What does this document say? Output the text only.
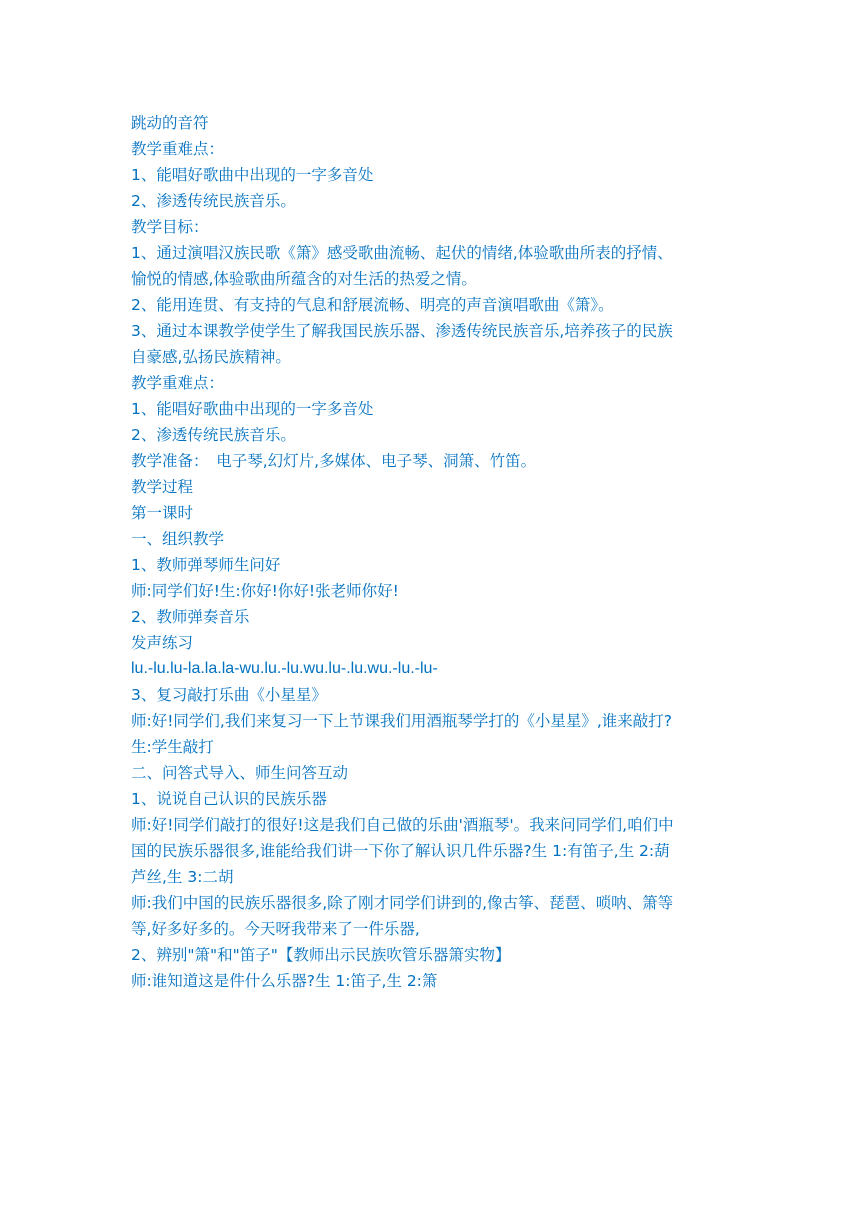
跳动的音符
教学重难点：
1、能唱好歌曲中出现的一字多音处
2、渗透传统民族音乐。
教学目标：
1、通过演唱汉族民歌《箫》感受歌曲流畅、起伏的情绪,体验歌曲所表的抒情、
愉悦的情感,体验歌曲所蕴含的对生活的热爱之情。
2、能用连贯、有支持的气息和舒展流畅、明亮的声音演唱歌曲《箫》。
3、通过本课教学使学生了解我国民族乐器、渗透传统民族音乐,培养孩子的民族
自豪感,弘扬民族精神。
教学重难点：
1、能唱好歌曲中出现的一字多音处
2、渗透传统民族音乐。
教学准备：　电子琴,幻灯片,多媒体、电子琴、洞箫、竹笛。
教学过程
第一课时
一、组织教学
1、教师弹琴师生问好
师:同学们好!生:你好!你好!张老师你好!
2、教师弹奏音乐
发声练习
lu.-lu.lu-la.la.la-wu.lu.-lu.wu.lu-.lu.wu.-lu.-lu-
3、复习敲打乐曲《小星星》
师:好!同学们,我们来复习一下上节课我们用酒瓶琴学打的《小星星》,谁来敲打?
生:学生敲打
二、问答式导入、师生问答互动
1、说说自己认识的民族乐器
师:好!同学们敲打的很好!这是我们自己做的乐曲'酒瓶琴'。我来问同学们,咱们中
国的民族乐器很多,谁能给我们讲一下你了解认识几件乐器?生 1:有笛子,生 2:葫
芦丝,生 3:二胡
师:我们中国的民族乐器很多,除了刚才同学们讲到的,像古筝、琵琶、唢呐、箫等
等,好多好多的。今天呀我带来了一件乐器,
2、辨别"箫"和"笛子"【教师出示民族吹管乐器箫实物】
师:谁知道这是件什么乐器?生 1:笛子,生 2:箫
